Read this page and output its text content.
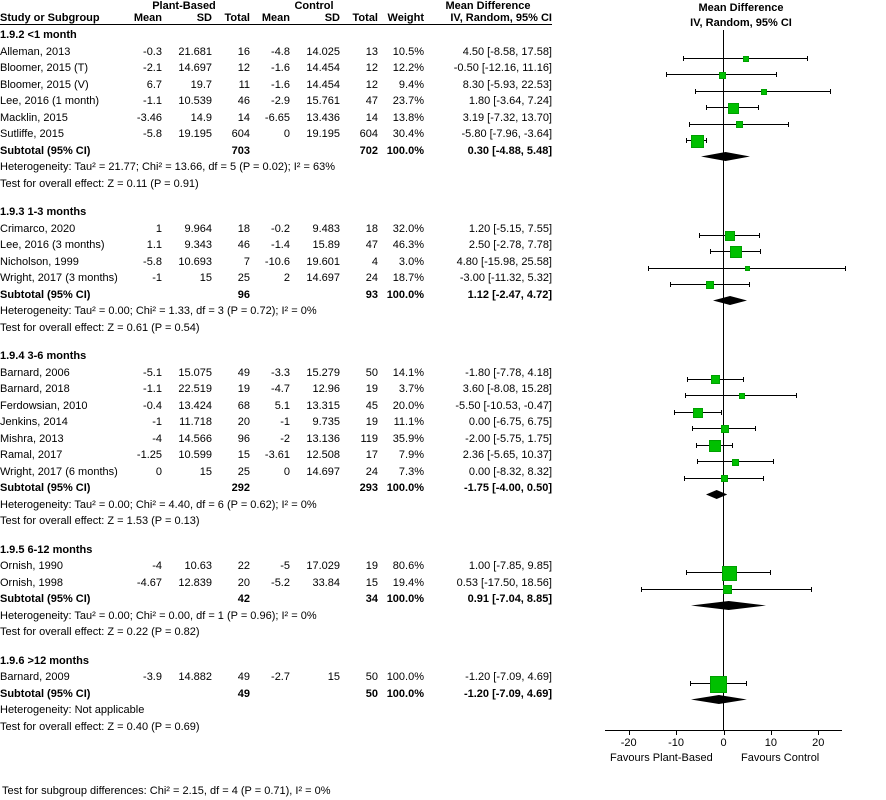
	Plant-Based			Control				Mean Difference
Study or Subgroup	Mean	SD	Total	Mean	SD	Total	Weight	IV, Random, 95% CI
1.9.2 <1 month								
Alleman, 2013	-0.3	21.681	16	-4.8	14.025	13	10.5%	4.50 [-8.58, 17.58]
Bloomer, 2015 (T)	-2.1	14.697	12	-1.6	14.454	12	12.2%	-0.50 [-12.16, 11.16]
Bloomer, 2015 (V)	6.7	19.7	11	-1.6	14.454	12	9.4%	8.30 [-5.93, 22.53]
Lee, 2016 (1 month)	-1.1	10.539	46	-2.9	15.761	47	23.7%	1.80 [-3.64, 7.24]
Macklin, 2015	-3.46	14.9	14	-6.65	13.436	14	13.8%	3.19 [-7.32, 13.70]
Sutliffe, 2015	-5.8	19.195	604	0	19.195	604	30.4%	-5.80 [-7.96, -3.64]
Subtotal (95% CI)			703			702	100.0%	0.30 [-4.88, 5.48]
Heterogeneity: Tau² = 21.77; Chi² = 13.66, df = 5 (P = 0.02); I² = 63%								
Test for overall effect: Z = 0.11 (P = 0.91)								

1.9.3 1-3 months								
Crimarco, 2020	1	9.964	18	-0.2	9.483	18	32.0%	1.20 [-5.15, 7.55]
Lee, 2016 (3 months)	1.1	9.343	46	-1.4	15.89	47	46.3%	2.50 [-2.78, 7.78]
Nicholson, 1999	-5.8	10.693	7	-10.6	19.601	4	3.0%	4.80 [-15.98, 25.58]
Wright, 2017 (3 months)	-1	15	25	2	14.697	24	18.7%	-3.00 [-11.32, 5.32]
Subtotal (95% CI)			96			93	100.0%	1.12 [-2.47, 4.72]
Heterogeneity: Tau² = 0.00; Chi² = 1.33, df = 3 (P = 0.72); I² = 0%								
Test for overall effect: Z = 0.61 (P = 0.54)								

1.9.4 3-6 months								
Barnard, 2006	-5.1	15.075	49	-3.3	15.279	50	14.1%	-1.80 [-7.78, 4.18]
Barnard, 2018	-1.1	22.519	19	-4.7	12.96	19	3.7%	3.60 [-8.08, 15.28]
Ferdowsian, 2010	-0.4	13.424	68	5.1	13.315	45	20.0%	-5.50 [-10.53, -0.47]
Jenkins, 2014	-1	11.718	20	-1	9.735	19	11.1%	0.00 [-6.75, 6.75]
Mishra, 2013	-4	14.566	96	-2	13.136	119	35.9%	-2.00 [-5.75, 1.75]
Ramal, 2017	-1.25	10.599	15	-3.61	12.508	17	7.9%	2.36 [-5.65, 10.37]
Wright, 2017 (6 months)	0	15	25	0	14.697	24	7.3%	0.00 [-8.32, 8.32]
Subtotal (95% CI)			292			293	100.0%	-1.75 [-4.00, 0.50]
Heterogeneity: Tau² = 0.00; Chi² = 4.40, df = 6 (P = 0.62); I² = 0%								
Test for overall effect: Z = 1.53 (P = 0.13)								

1.9.5 6-12 months								
Ornish, 1990	-4	10.63	22	-5	17.029	19	80.6%	1.00 [-7.85, 9.85]
Ornish, 1998	-4.67	12.839	20	-5.2	33.84	15	19.4%	0.53 [-17.50, 18.56]
Subtotal (95% CI)			42			34	100.0%	0.91 [-7.04, 8.85]
Heterogeneity: Tau² = 0.00; Chi² = 0.00, df = 1 (P = 0.96); I² = 0%								
Test for overall effect: Z = 0.22 (P = 0.82)								

1.9.6 >12 months								
Barnard, 2009	-3.9	14.882	49	-2.7	15	50	100.0%	-1.20 [-7.09, 4.69]
Subtotal (95% CI)			49			50	100.0%	-1.20 [-7.09, 4.69]
Heterogeneity: Not applicable								
Test for overall effect: Z = 0.40 (P = 0.69)								

Mean Difference
IV, Random, 95% CI
-20	-10	0	10	20
Favours Plant-Based	Favours Control
Test for subgroup differences: Chi² = 2.15, df = 4 (P = 0.71), I² = 0%
